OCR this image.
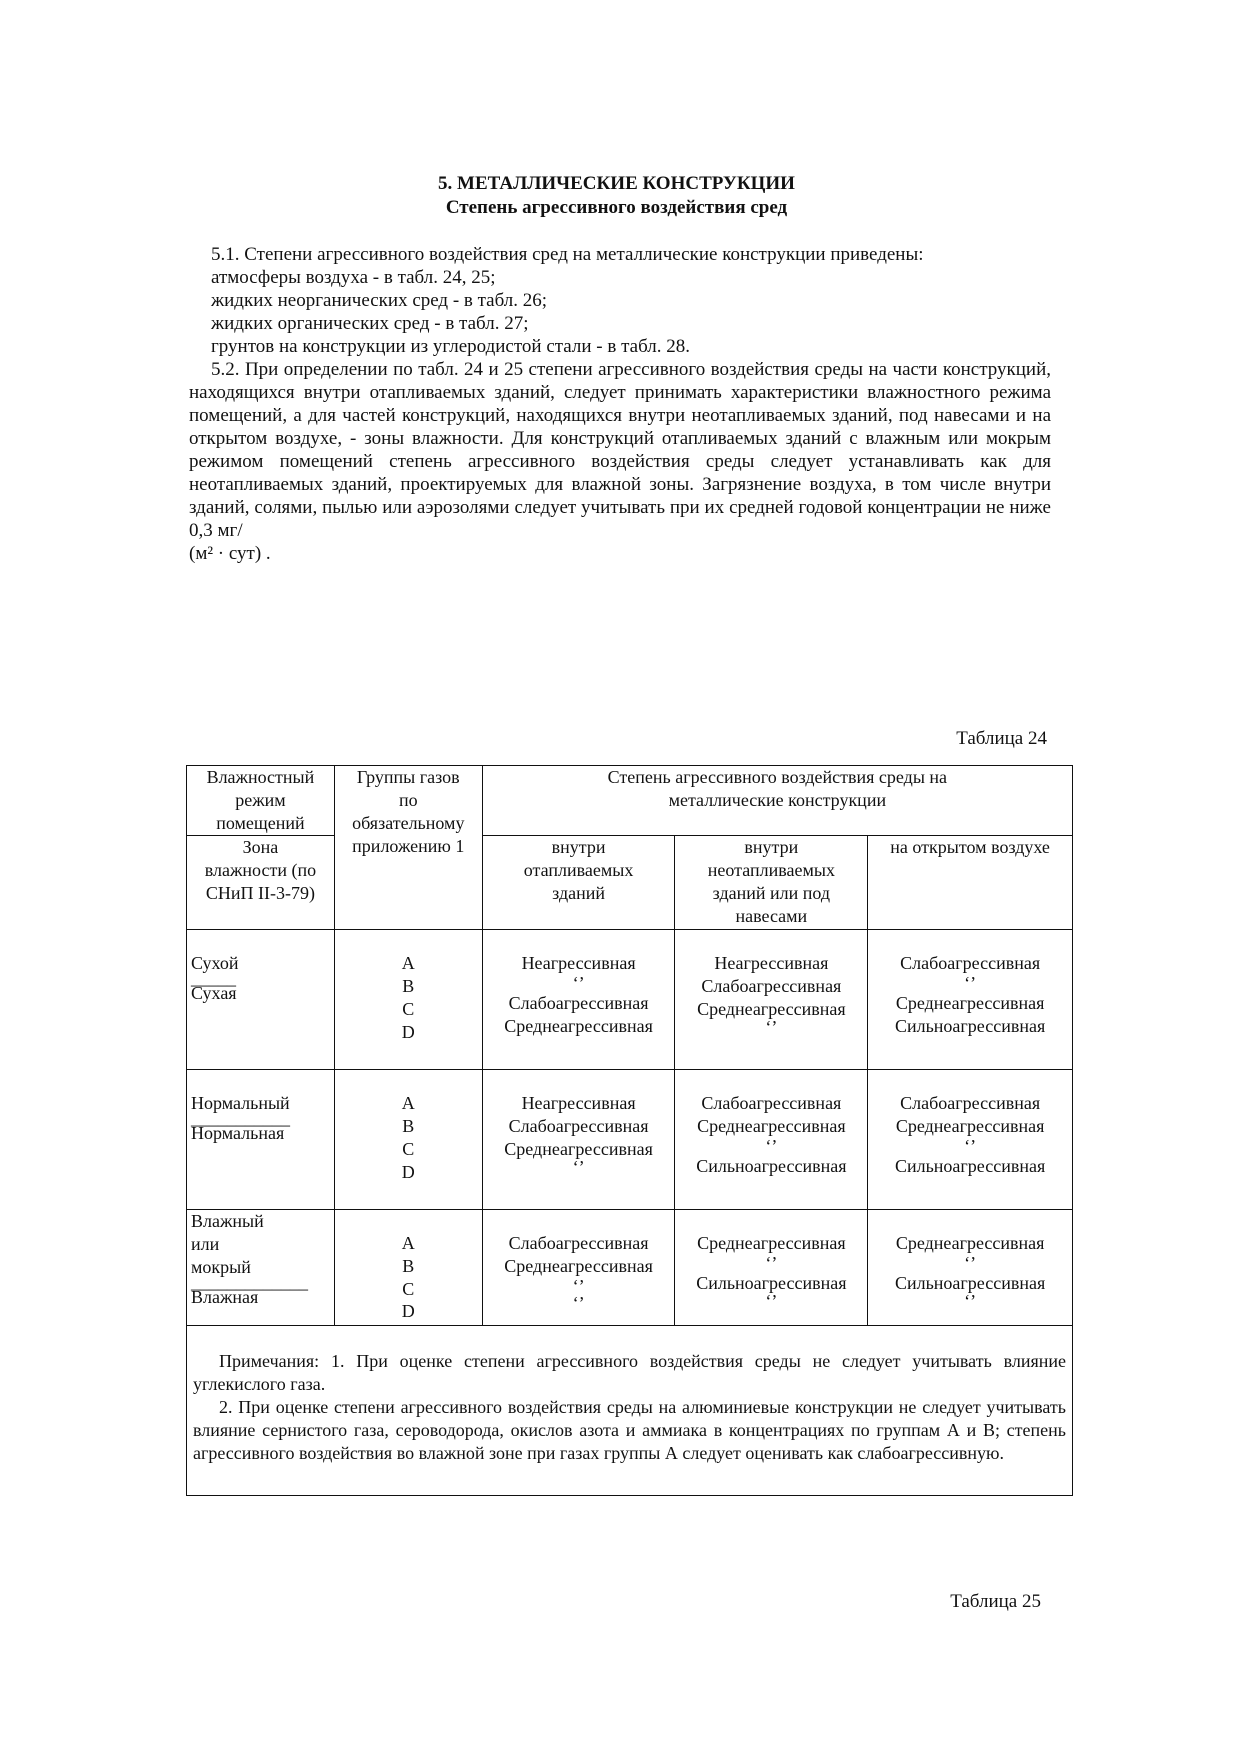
5. МЕТАЛЛИЧЕСКИЕ КОНСТРУКЦИИ
Степень агрессивного воздействия сред

5.1. Степени агрессивного воздействия сред на металлические конструкции приведены:

атмосферы воздуха - в табл. 24, 25;

жидких неорганических сред - в табл. 26;

жидких органических сред - в табл. 27;

грунтов на конструкции из углеродистой стали - в табл. 28.

5.2. При определении по табл. 24 и 25 степени агрессивного воздействия среды на части конструкций, находящихся внутри отапливаемых зданий, следует принимать характеристики влажностного режима помещений, а для частей конструкций, находящихся внутри неотапливаемых зданий, под навесами и на открытом воздухе, - зоны влажности. Для конструкций отапливаемых зданий с влажным или мокрым режимом помещений степень агрессивного воздействия среды следует устанавливать как для неотапливаемых зданий, проектируемых для влажной зоны. Загрязнение воздуха, в том числе внутри зданий, солями, пылью или аэрозолями следует учитывать при их средней годовой концентрации не ниже 0,3 мг/

(м² · сут) .

Таблица 24
Влажностный
режим
помещений	Группы газов
по
обязательному
приложению 1	Степень агрессивного воздействия среды на
металлические конструкции		

Зона
влажности (по
СНиП II-3-79)		внутри
отапливаемых
зданий	внутри
неотапливаемых
зданий или под
навесами	на открытом воздухе

Сухой
_____
Сухая	A
B
C
D	Неагрессивная
‘’
Слабоагрессивная
Среднеагрессивная	Неагрессивная
Слабоагрессивная
Среднеагрессивная
‘’	Слабоагрессивная
‘’
Среднеагрессивная
Сильноагрессивная

Нормальный
___________
Нормальная	A
B
C
D	Неагрессивная
Слабоагрессивная
Среднеагрессивная
‘’	Слабоагрессивная
Среднеагрессивная
‘’
Сильноагрессивная	Слабоагрессивная
Среднеагрессивная
‘’
Сильноагрессивная

Влажный
или
мокрый
_____________
Влажная	A
B
C
D	Слабоагрессивная
Среднеагрессивная
‘’
‘’	Среднеагрессивная
‘’
Сильноагрессивная
‘’	Среднеагрессивная
‘’
Сильноагрессивная
‘’

Примечания: 1. При оценке степени агрессивного воздействия среды не следует учитывать влияние углекислого газа.

2. При оценке степени агрессивного воздействия среды на алюминиевые конструкции не следует учитывать влияние сернистого газа, сероводорода, окислов азота и аммиака в концентрациях по группам А и В; степень агрессивного воздействия во влажной зоне при газах группы А следует оценивать как слабоагрессивную.				

Таблица 25
